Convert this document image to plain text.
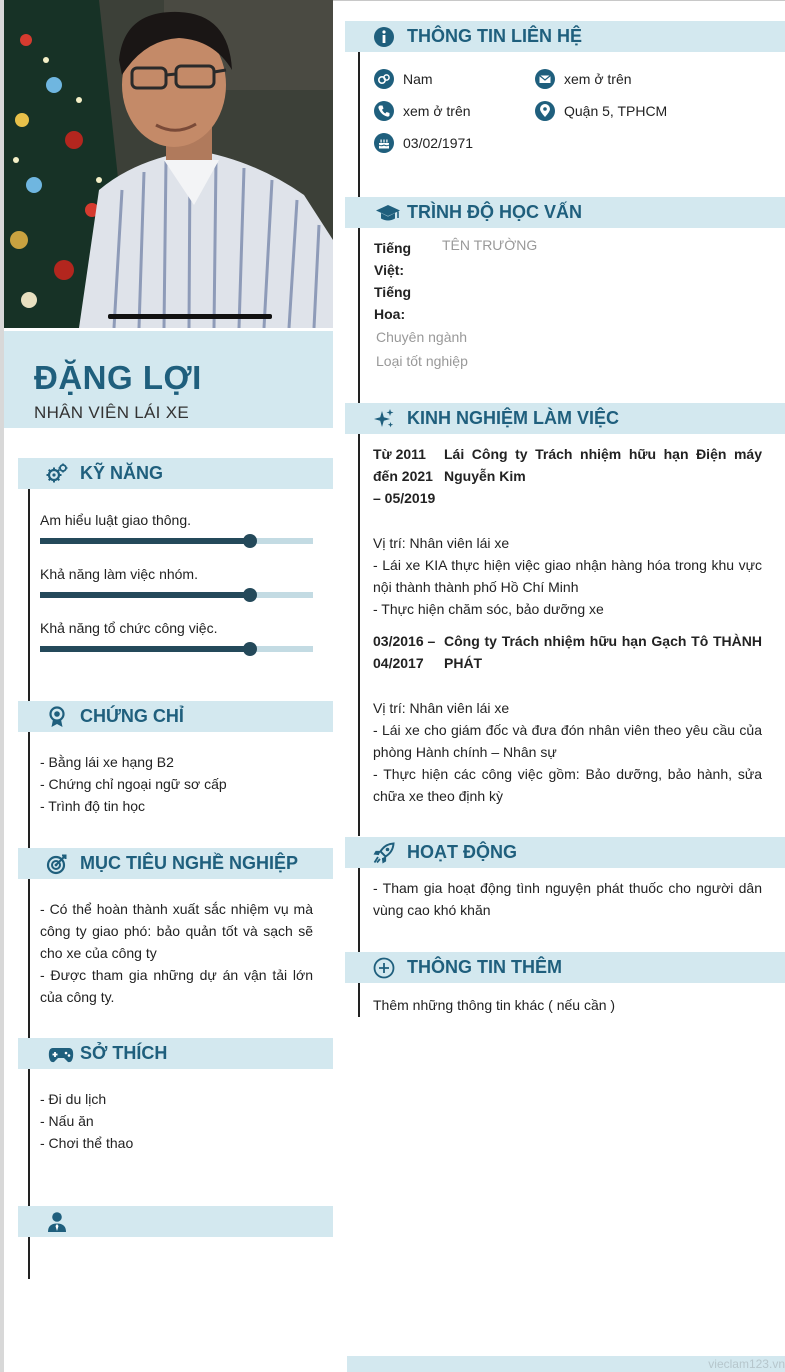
ĐẶNG LỢI
NHÂN VIÊN LÁI XE
KỸ NĂNG
Am hiểu luật giao thông.
Khả năng làm việc nhóm.
Khả năng tổ chức công việc.
CHỨNG CHỈ
- Bằng lái xe hạng B2
- Chứng chỉ ngoại ngữ sơ cấp
- Trình độ tin học
MỤC TIÊU NGHỀ NGHIỆP
- Có thể hoàn thành xuất sắc nhiệm vụ mà công ty giao phó: bảo quản tốt và sạch sẽ cho xe của công ty
- Được tham gia những dự án vận tải lớn của công ty.
SỞ THÍCH
- Đi du lịch
- Nấu ăn
- Chơi thể thao
THÔNG TIN LIÊN HỆ
Nam	xem ở trên
xem ở trên	Quận 5, TPHCM
03/02/1971
TRÌNH ĐỘ HỌC VẤN
Tiếng Việt: Tiếng Hoa:
TÊN TRƯỜNG
Chuyên ngành
Loại tốt nghiệp
KINH NGHIỆM LÀM VIỆC
Từ 2011 đến 2021 – 05/2019
Lái Công ty Trách nhiệm hữu hạn Điện máy Nguyễn Kim
Vị trí: Nhân viên lái xe
- Lái xe KIA thực hiện việc giao nhận hàng hóa trong khu vực nội thành thành phố Hồ Chí Minh
- Thực hiện chăm sóc, bảo dưỡng xe
03/2016 – 04/2017
Công ty Trách nhiệm hữu hạn Gạch Tô THÀNH PHÁT
Vị trí: Nhân viên lái xe
- Lái xe cho giám đốc và đưa đón nhân viên theo yêu cầu của phòng Hành chính – Nhân sự
- Thực hiện các công việc gồm: Bảo dưỡng, bảo hành, sửa chữa xe theo định kỳ
HOẠT ĐỘNG
- Tham gia hoạt động tình nguyện phát thuốc cho người dân vùng cao khó khăn
THÔNG TIN THÊM
Thêm những thông tin khác ( nếu cần )
vieclam123.vn
